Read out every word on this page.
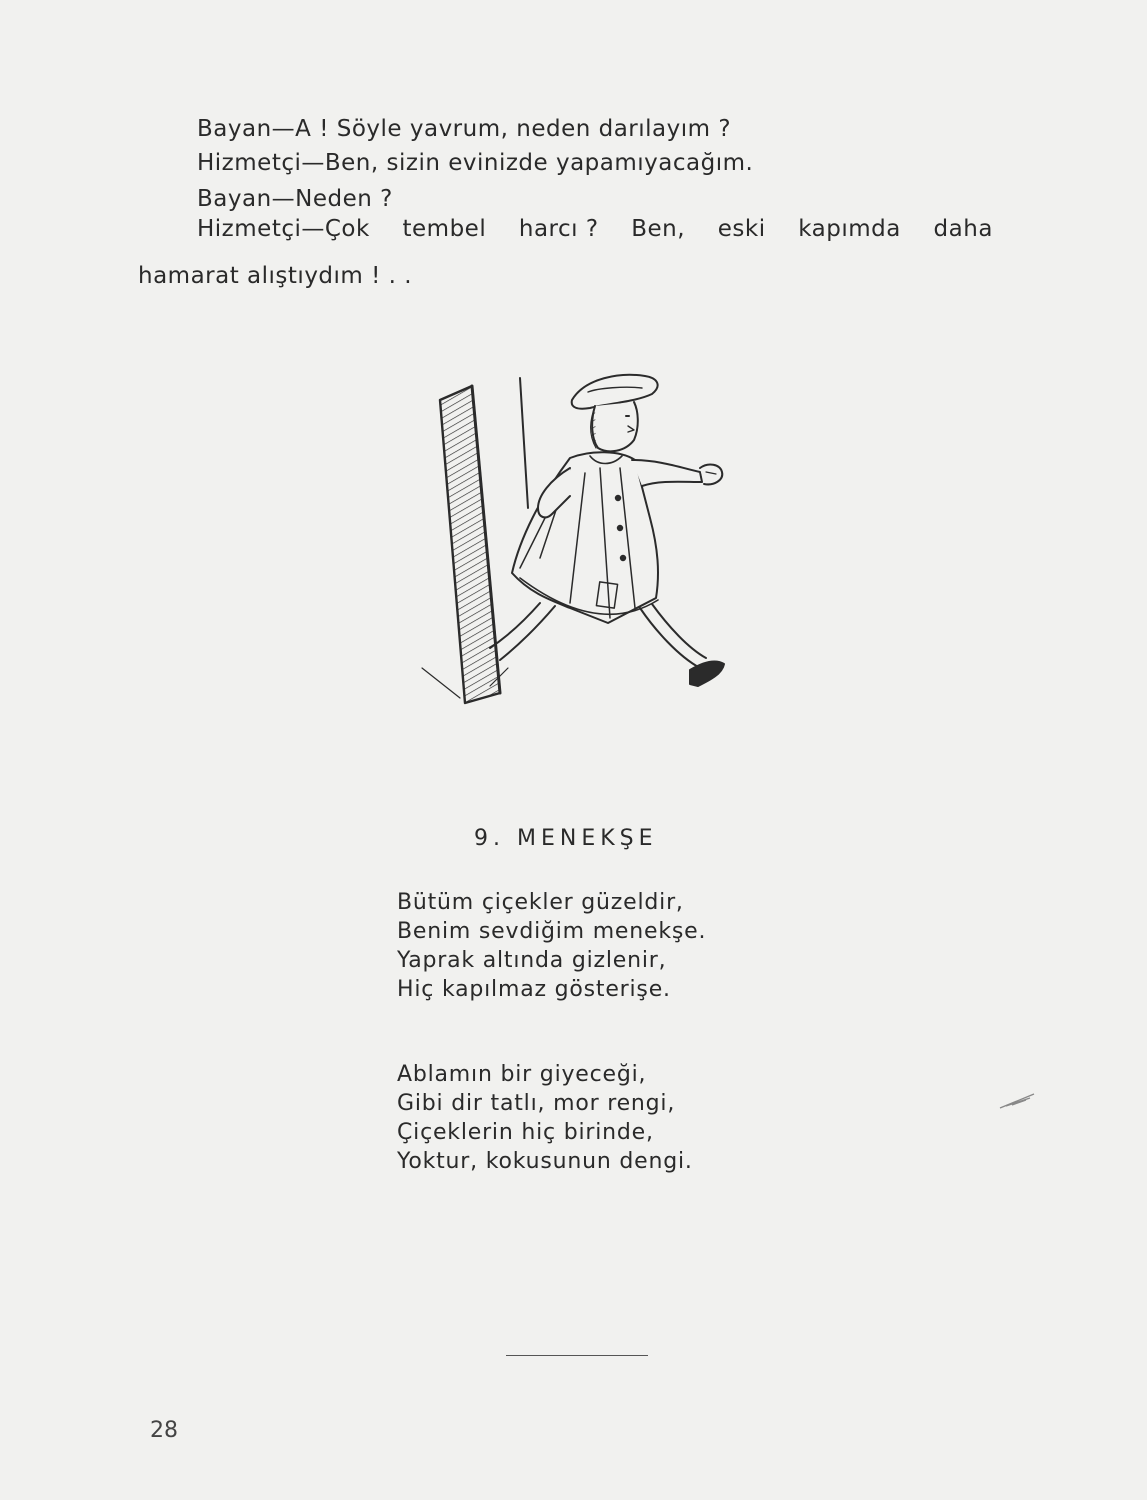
Bayan—A ! Söyle yavrum, neden darılayım ?
Hizmetçi—Ben, sizin evinizde yapamıyacağım.
Bayan—Neden ?
Hizmetçi—Çok tembel harcı ? Ben, eski kapımda daha
hamarat alıştıydım ! . .
9. MENEKŞE
Bütüm çiçekler güzeldir,
Benim sevdiğim menekşe.
Yaprak altında gizlenir,
Hiç kapılmaz gösterişe.
Ablamın bir giyeceği,
Gibi dir tatlı, mor rengi,
Çiçeklerin hiç birinde,
Yoktur, kokusunun dengi.
28
